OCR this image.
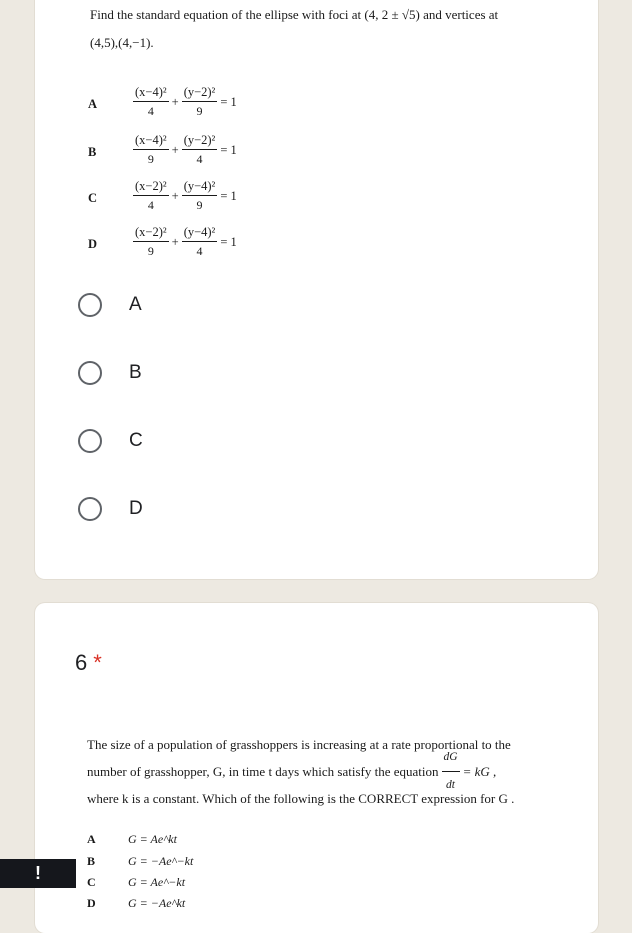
Find the standard equation of the ellipse with foci at (4, 2 ± √5) and vertices at
(4,5),(4,−1).

A	$\frac{\text{(x−4)²}}{4} + \frac{\text{(y−2)²}}{9} = 1$
B	$\frac{\text{(x−4)²}}{9} + \frac{\text{(y−2)²}}{4} = 1$
C	$\frac{\text{(x−2)²}}{4} + \frac{\text{(y−4)²}}{9} = 1$
D	$\frac{\text{(x−2)²}}{9} + \frac{\text{(y−4)²}}{4} = 1$
A
B
C
D
6 *
The size of a population of grasshoppers is increasing at a rate proportional to the
number of grasshopper, G, in time t days which satisfy the equation $\frac{dG}{dt}$ = kG ,
where k is a constant. Which of the following is the CORRECT expression for G .
A	G = Ae^kt
B	G = −Ae^−kt
C	G = Ae^−kt
D	G = −Ae^kt
!
